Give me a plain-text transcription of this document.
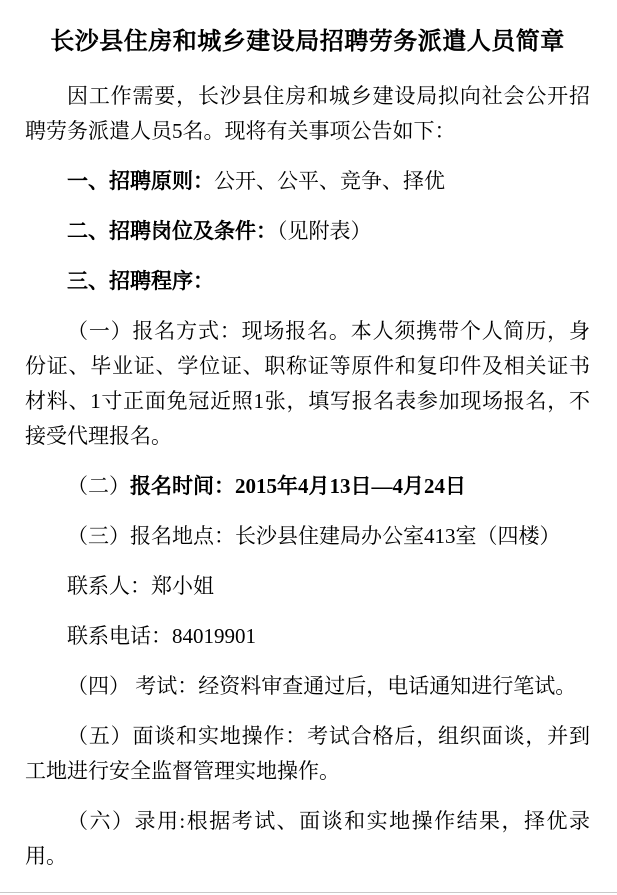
长沙县住房和城乡建设局招聘劳务派遣人员简章

因工作需要，长沙县住房和城乡建设局拟向社会公开招聘劳务派遣人员5名。现将有关事项公告如下：

一、招聘原则：公开、公平、竞争、择优

二、招聘岗位及条件：（见附表）

三、招聘程序：

（一）报名方式：现场报名。本人须携带个人简历，身份证、毕业证、学位证、职称证等原件和复印件及相关证书材料、1寸正面免冠近照1张，填写报名表参加现场报名，不接受代理报名。

（二）报名时间：2015年4月13日—4月24日

（三）报名地点：长沙县住建局办公室413室（四楼）

联系人：郑小姐

联系电话：84019901

（四） 考试：经资料审查通过后，电话通知进行笔试。

（五）面谈和实地操作：考试合格后，组织面谈，并到工地进行安全监督管理实地操作。

（六）录用:根据考试、面谈和实地操作结果，择优录用。
